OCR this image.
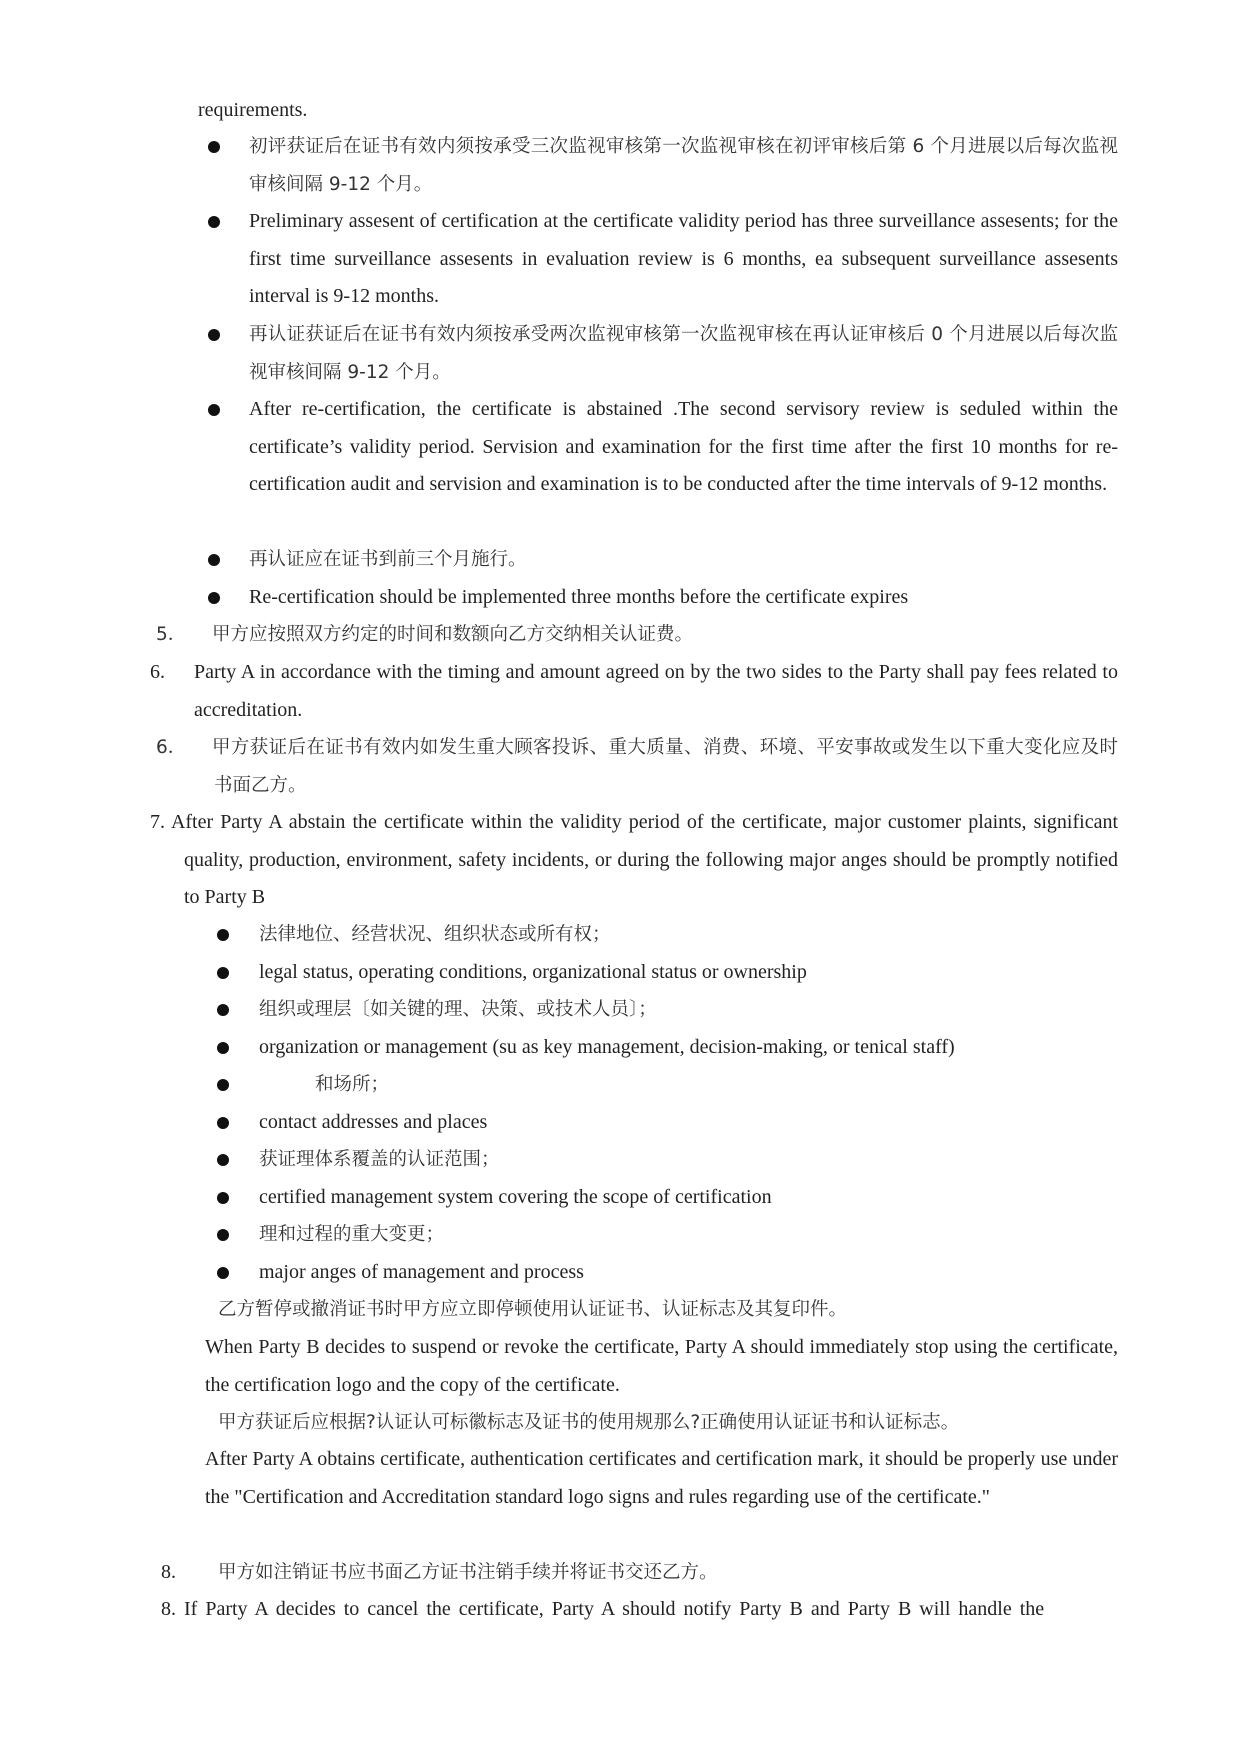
requirements.

初评获证后在证书有效内须按承受三次监视审核第一次监视审核在初评审核后第 6 个月进展以后每次监视审核间隔 9-12 个月。

Preliminary assesent of certification at the certificate validity period has three surveillance assesents; for the first time surveillance assesents in evaluation review is 6 months, ea subsequent surveillance assesents interval is 9-12 months.

再认证获证后在证书有效内须按承受两次监视审核第一次监视审核在再认证审核后 0 个月进展以后每次监视审核间隔 9-12 个月。

After re-certification, the certificate is abstained .The second servisory review is seduled within the certificate’s validity period. Servision and examination for the first time after the first 10 months for re-certification audit and servision and examination is to be conducted after the time intervals of 9-12 months.

再认证应在证书到前三个月施行。

Re-certification should be implemented three months before the certificate expires

5． 甲方应按照双方约定的时间和数额向乙方交纳相关认证费。

6. Party A in accordance with the timing and amount agreed on by the two sides to the Party shall pay fees related to accreditation.

6． 甲方获证后在证书有效内如发生重大顾客投诉、重大质量、消费、环境、平安事故或发生以下重大变化应及时书面乙方。

7. After Party A abstain the certificate within the validity period of the certificate, major customer plaints, significant quality, production, environment, safety incidents, or during the following major anges should be promptly notified to Party B

法律地位、经营状况、组织状态或所有权；

legal status, operating conditions, organizational status or ownership

组织或理层〔如关键的理、决策、或技术人员〕；

organization or management (su as key management, decision-making, or tenical staff)

和场所；

contact addresses and places

获证理体系覆盖的认证范围；

certified management system covering the scope of certification

理和过程的重大变更；

major anges of management and process

乙方暂停或撤消证书时甲方应立即停顿使用认证证书、认证标志及其复印件。

When Party B decides to suspend or revoke the certificate, Party A should immediately stop using the certificate, the certification logo and the copy of the certificate.

甲方获证后应根据?认证认可标徽标志及证书的使用规那么?正确使用认证证书和认证标志。

After Party A obtains certificate, authentication certificates and certification mark, it should be properly use under the "Certification and Accreditation standard logo signs and rules regarding use of the certificate."

8. 甲方如注销证书应书面乙方证书注销手续并将证书交还乙方。

8. If Party A decides to cancel the certificate, Party A should notify Party B and Party B will handle the
